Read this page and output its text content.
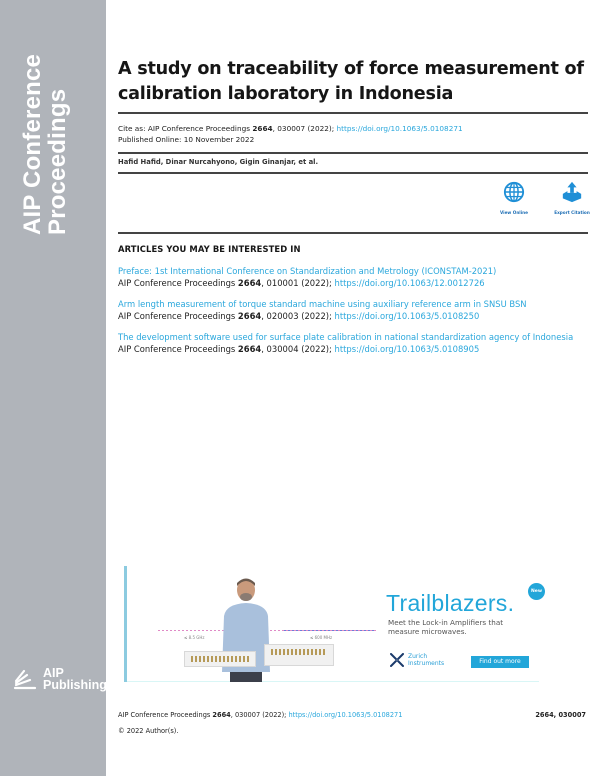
AIP Conference
Proceedings
AIP
Publishing
A study on traceability of force measurement of calibration laboratory in Indonesia
Cite as: AIP Conference Proceedings 2664, 030007 (2022); https://doi.org/10.1063/5.0108271
Published Online: 10 November 2022
Hafid Hafid, Dinar Nurcahyono, Gigin Ginanjar, et al.
View Online	Export Citation
ARTICLES YOU MAY BE INTERESTED IN
Preface: 1st International Conference on Standardization and Metrology (ICONSTAM-2021)
AIP Conference Proceedings 2664, 010001 (2022); https://doi.org/10.1063/12.0012726
Arm length measurement of torque standard machine using auxiliary reference arm in SNSU BSN
AIP Conference Proceedings 2664, 020003 (2022); https://doi.org/10.1063/5.0108250
The development software used for surface plate calibration in national standardization agency of Indonesia
AIP Conference Proceedings 2664, 030004 (2022); https://doi.org/10.1063/5.0108905
≤ 8.5 GHz	≤ 600 MHz
Trailblazers.	New
Meet the Lock-in Amplifiers that measure microwaves.
Zurich
Instruments	Find out more
AIP Conference Proceedings 2664, 030007 (2022); https://doi.org/10.1063/5.0108271	2664, 030007
© 2022 Author(s).
